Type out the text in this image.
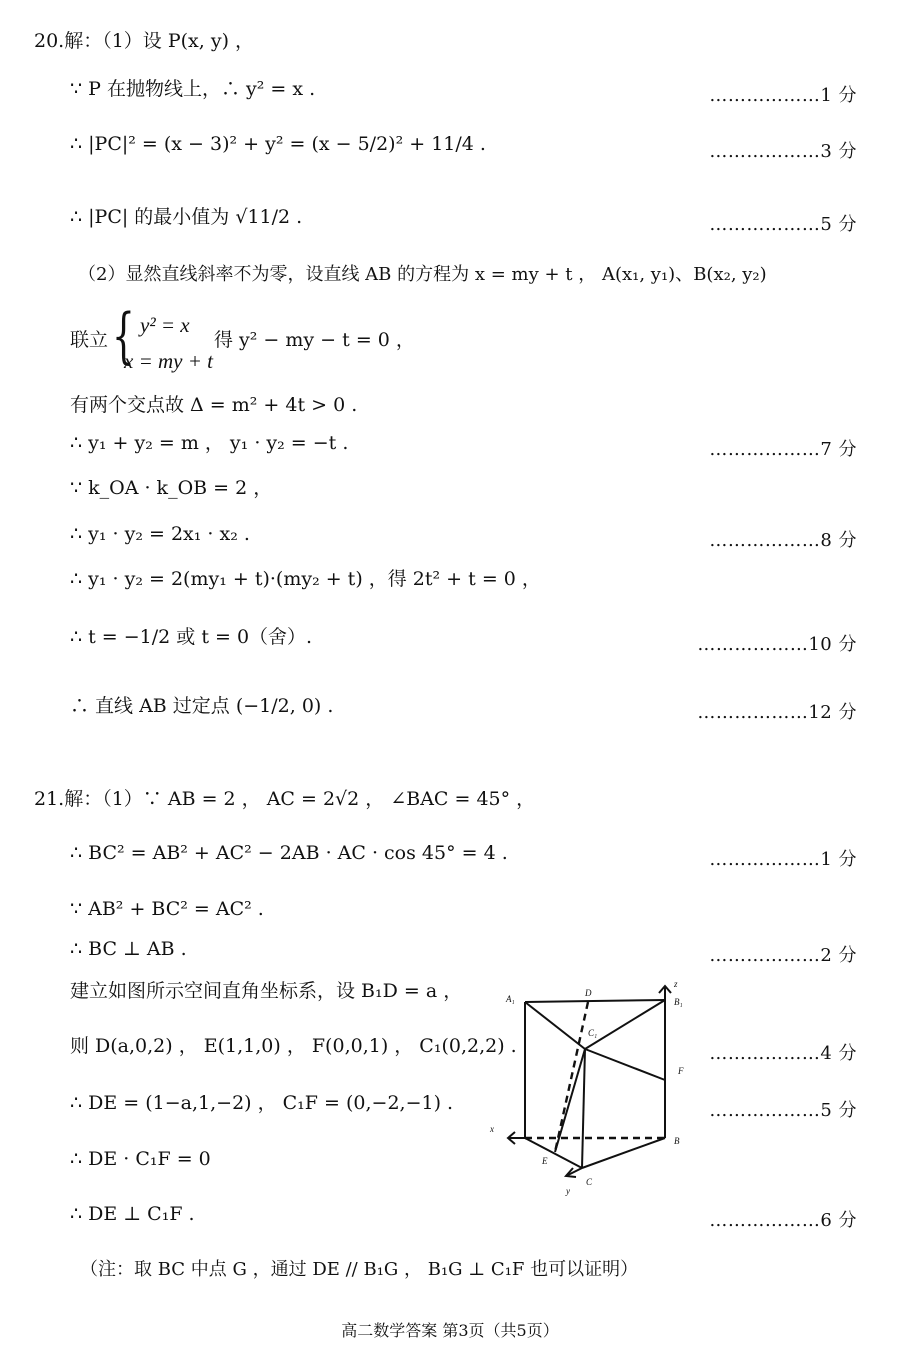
20.解：（1）设 P(x, y) ，
∵ P 在抛物线上，∴ y² = x .	………………1 分
∴ |PC|² = (x − 3)² + y² = (x − 5/2)² + 11/4 .	………………3 分
∴ |PC| 的最小值为 √11/2 .	………………5 分
（2）显然直线斜率不为零，设直线 AB 的方程为 x = my + t ， A(x₁, y₁)、B(x₂, y₂)
联立 { y² = x
x = my + t
得 y² − my − t = 0 ，
有两个交点故 Δ = m² + 4t > 0 .
∴ y₁ + y₂ = m ， y₁ · y₂ = −t .	………………7 分
∵ k_OA · k_OB = 2 ，
∴ y₁ · y₂ = 2x₁ · x₂ .	………………8 分
∴ y₁ · y₂ = 2(my₁ + t)·(my₂ + t) ，得 2t² + t = 0 ，
∴ t = −1/2 或 t = 0（舍）.	………………10 分
∴ 直线 AB 过定点 (−1/2, 0) .	………………12 分
21.解：（1）∵ AB = 2 ， AC = 2√2 ， ∠BAC = 45° ，
∴ BC² = AB² + AC² − 2AB · AC · cos 45° = 4 .	………………1 分
∵ AB² + BC² = AC² .
∴ BC ⊥ AB .	………………2 分
建立如图所示空间直角坐标系，设 B₁D = a ，
则 D(a,0,2) ， E(1,1,0) ， F(0,0,1) ， C₁(0,2,2) .	………………4 分
∴ DE = (1−a,1,−2) ， C₁F = (0,−2,−1) .	………………5 分
∴ DE · C₁F = 0
∴ DE ⊥ C₁F .	………………6 分
（注：取 BC 中点 G ，通过 DE // B₁G ， B₁G ⊥ C₁F 也可以证明）
A₁
D
z
B₁
C₁
F
x
B
E
C
y
高二数学答案 第3页（共5页）
